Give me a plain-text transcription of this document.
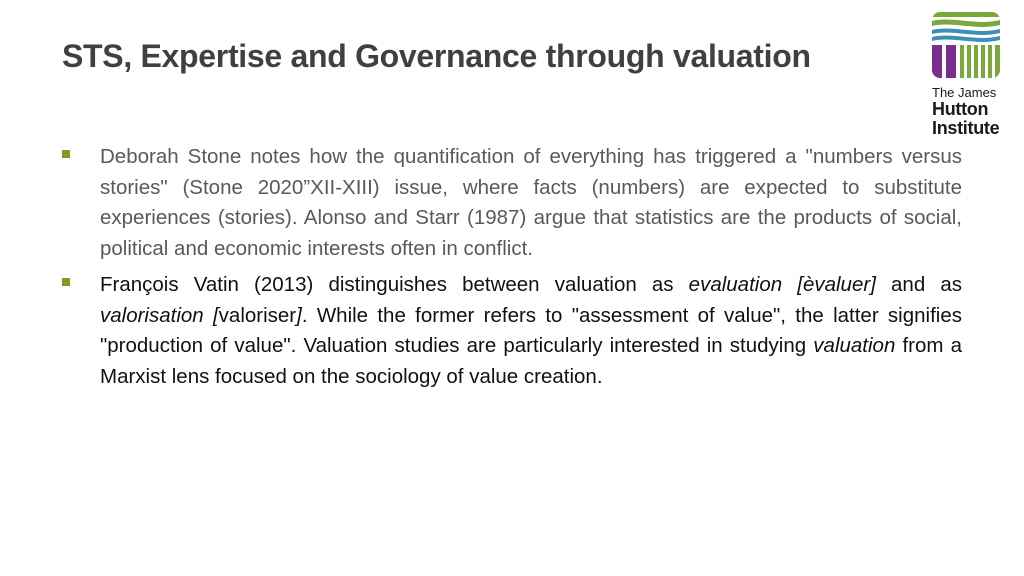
STS, Expertise and Governance through valuation
The James
Hutton
Institute
Deborah Stone notes how the quantification of everything has triggered a "numbers versus stories" (Stone 2020”XII-XIII) issue, where facts (numbers) are expected to substitute experiences (stories). Alonso and Starr (1987) argue that statistics are the products of social, political and economic interests often in conflict.
François Vatin (2013) distinguishes between valuation as evaluation [èvaluer] and as valorisation [valoriser]. While the former refers to "assessment of value", the latter signifies "production of value". Valuation studies are particularly interested in studying valuation from a Marxist lens focused on the sociology of value creation.
